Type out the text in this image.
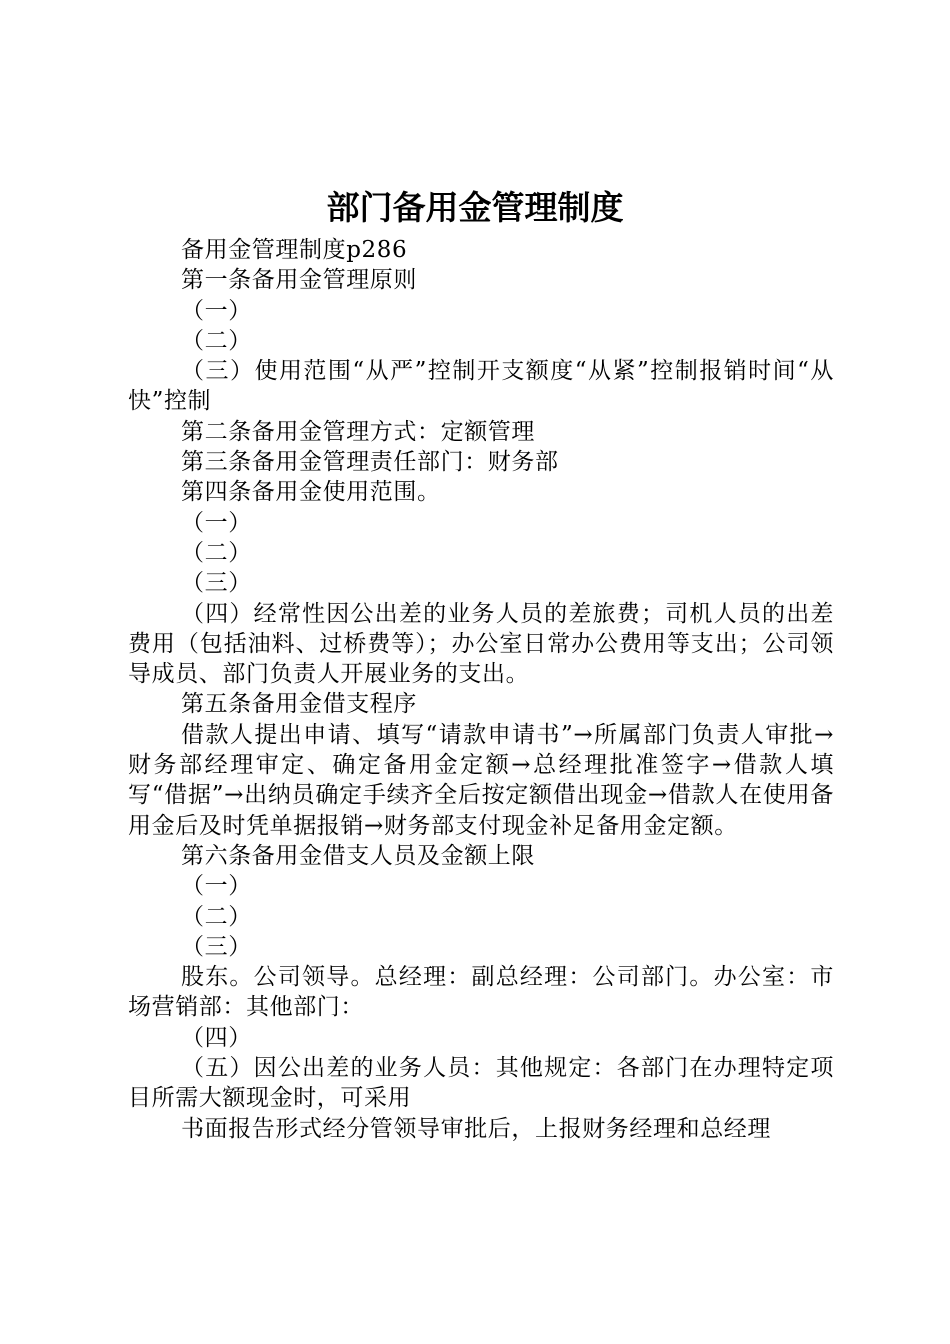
部门备用金管理制度

备用金管理制度p286

第一条备用金管理原则

（一）

（二）

（三）使用范围“从严”控制开支额度“从紧”控制报销时间“从快”控制

第二条备用金管理方式：定额管理

第三条备用金管理责任部门：财务部

第四条备用金使用范围。

（一）

（二）

（三）

（四）经常性因公出差的业务人员的差旅费；司机人员的出差费用（包括油料、过桥费等）；办公室日常办公费用等支出；公司领导成员、部门负责人开展业务的支出。

第五条备用金借支程序

借款人提出申请、填写“请款申请书”→所属部门负责人审批→财务部经理审定、确定备用金定额→总经理批准签字→借款人填写“借据”→出纳员确定手续齐全后按定额借出现金→借款人在使用备用金后及时凭单据报销→财务部支付现金补足备用金定额。

第六条备用金借支人员及金额上限

（一）

（二）

（三）

股东。公司领导。总经理：副总经理：公司部门。办公室：市场营销部：其他部门：

（四）

（五）因公出差的业务人员：其他规定：各部门在办理特定项目所需大额现金时，可采用

书面报告形式经分管领导审批后，上报财务经理和总经理
